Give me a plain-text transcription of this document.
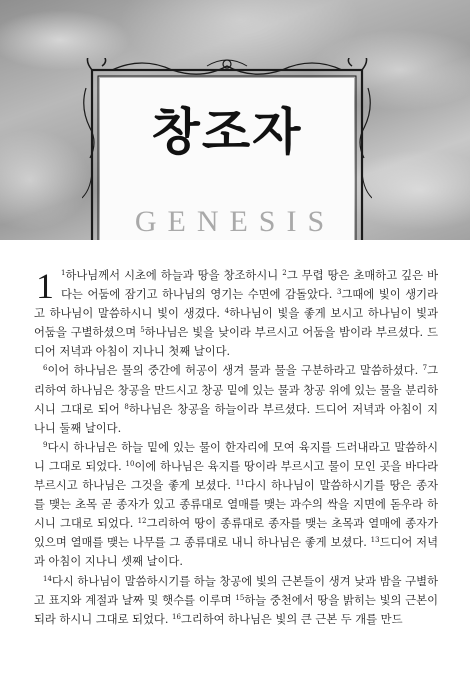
창조자
GENESIS
1	$^1$하나님께서 시초에 하늘과 땅을 창조하시니 $^2$그 무렵 땅은 초매하고 깊은 바다는 어둠에 잠기고 하나님의 영기는 수면에 감돌았다. $^3$그때에 빛이 생기라고 하나님이 말씀하시니 빛이 생겼다. $^4$하나님이 빛을 좋게 보시고 하나님이 빛과 어둠을 구별하셨으며 $^5$하나님은 빛을 낮이라 부르시고 어둠을 밤이라 부르셨다. 드디어 저녁과 아침이 지나니 첫째 날이다.

$^6$이어 하나님은 물의 중간에 허공이 생겨 물과 물을 구분하라고 말씀하셨다. $^7$그리하여 하나님은 창공을 만드시고 창공 밑에 있는 물과 창공 위에 있는 물을 분리하시니 그대로 되어 $^8$하나님은 창공을 하늘이라 부르셨다. 드디어 저녁과 아침이 지나니 둘째 날이다.

$^9$다시 하나님은 하늘 밑에 있는 물이 한자리에 모여 육지를 드러내라고 말씀하시니 그대로 되었다. $^{10}$이에 하나님은 육지를 땅이라 부르시고 물이 모인 곳을 바다라 부르시고 하나님은 그것을 좋게 보셨다. $^{11}$다시 하나님이 말씀하시기를 땅은 종자를 맺는 초목 곧 종자가 있고 종류대로 열매를 맺는 과수의 싹을 지면에 돋우라 하시니 그대로 되었다. $^{12}$그리하여 땅이 종류대로 종자를 맺는 초목과 열매에 종자가 있으며 열매를 맺는 나무를 그 종류대로 내니 하나님은 좋게 보셨다. $^{13}$드디어 저녁과 아침이 지나니 셋째 날이다.

$^{14}$다시 하나님이 말씀하시기를 하늘 창공에 빛의 근본들이 생겨 낮과 밤을 구별하고 표지와 계절과 날짜 및 햇수를 이루며 $^{15}$하늘 중천에서 땅을 밝히는 빛의 근본이 되라 하시니 그대로 되었다. $^{16}$그리하여 하나님은 빛의 큰 근본 두 개를 만드
